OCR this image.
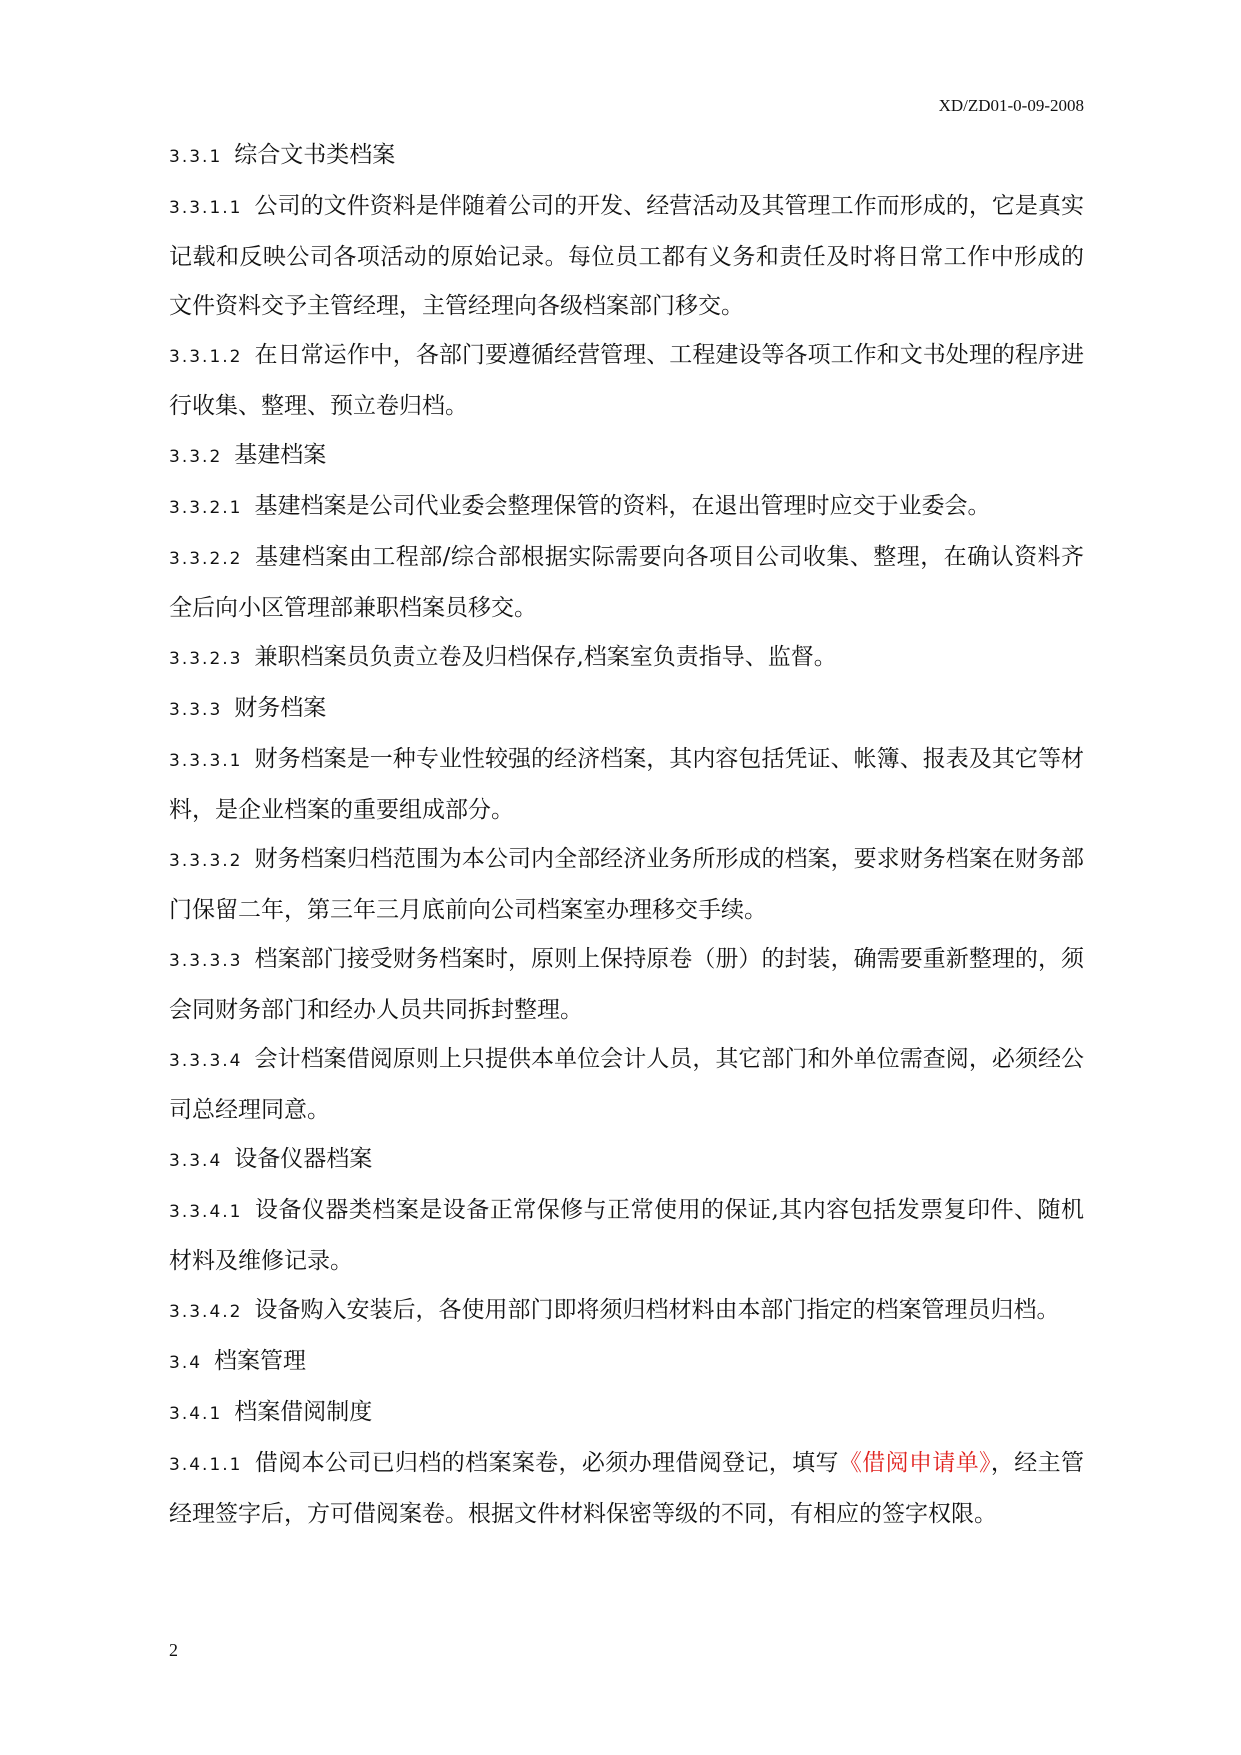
XD/ZD01-0-09-2008

3.3.1 综合文书类档案

3.3.1.1 公司的文件资料是伴随着公司的开发、经营活动及其管理工作而形成的，它是真实记载和反映公司各项活动的原始记录。每位员工都有义务和责任及时将日常工作中形成的文件资料交予主管经理，主管经理向各级档案部门移交。

3.3.1.2 在日常运作中，各部门要遵循经营管理、工程建设等各项工作和文书处理的程序进行收集、整理、预立卷归档。

3.3.2 基建档案

3.3.2.1 基建档案是公司代业委会整理保管的资料，在退出管理时应交于业委会。

3.3.2.2 基建档案由工程部/综合部根据实际需要向各项目公司收集、整理，在确认资料齐全后向小区管理部兼职档案员移交。

3.3.2.3 兼职档案员负责立卷及归档保存,档案室负责指导、监督。

3.3.3 财务档案

3.3.3.1 财务档案是一种专业性较强的经济档案，其内容包括凭证、帐簿、报表及其它等材料，是企业档案的重要组成部分。

3.3.3.2 财务档案归档范围为本公司内全部经济业务所形成的档案，要求财务档案在财务部门保留二年，第三年三月底前向公司档案室办理移交手续。

3.3.3.3 档案部门接受财务档案时，原则上保持原卷（册）的封装，确需要重新整理的，须会同财务部门和经办人员共同拆封整理。

3.3.3.4 会计档案借阅原则上只提供本单位会计人员，其它部门和外单位需查阅，必须经公司总经理同意。

3.3.4 设备仪器档案

3.3.4.1 设备仪器类档案是设备正常保修与正常使用的保证,其内容包括发票复印件、随机材料及维修记录。

3.3.4.2 设备购入安装后，各使用部门即将须归档材料由本部门指定的档案管理员归档。

3.4 档案管理

3.4.1 档案借阅制度

3.4.1.1 借阅本公司已归档的档案案卷，必须办理借阅登记，填写《借阅申请单》，经主管经理签字后，方可借阅案卷。根据文件材料保密等级的不同，有相应的签字权限。

2
